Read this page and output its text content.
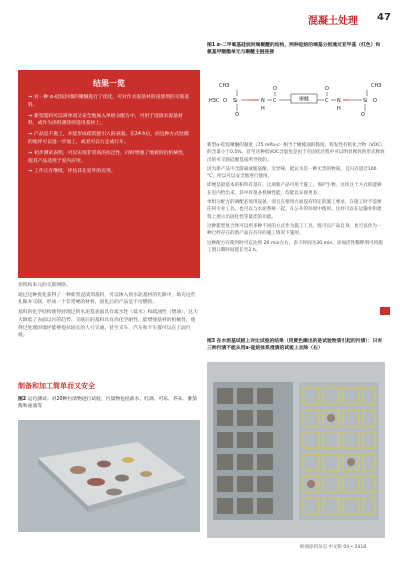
混凝土处理 47
结果一览
→ 对一种 α-硅烷封端的聚醚进行了优化，可对作水泥基材的浸渍剂的交联基料。
→ 新型基料可以简单而又安全地加入单组分配方中，可用于浸渍水泥基材料，或作为涂料薄涂则适用基材上。
→ 产品是不施工，并能形成疏低链引入的表面。在24 h后，而这种方式处理的地坪可以进一步加工，或者可以行走或行车。
→ 初步测试表明，可以实现非常高的抗泛性，同时增强了地板的抗机械性，使其产品适用于室内应用。
→ 工作正在继续，评估其在室外的应用。

状织构来元的交联网络。

通过这种优化获得了一种新型浸渍剂基料，可以掺入到水泥基材的孔隙中，填充这些孔隙并交联，形成一个非常硬的材料，固化后的产品是不可燃的。

基料的化学结构使得处理过的水泥基表面具有疏水性（低水）和疏油性（憎油），这大大降低了表面以污的趋势。交联后的基料具有高化学耐性，能增强基材的机械性，使得过处理的地坪能够提抗较长的人行交通。甚至叉车、汽车和卡车都可以在上面行驶。

制备和加工简单而又安全
图2 运污测试：对20种污渍物进行试验，污渍物包括盐水、红酒、可乐、芥末、番茄酱和座油等
图1 α-二甲氧基硅烷封端聚醚的结构，两种硅烷的端基分别通过亚甲基（红色）和氨基甲酸酯单元与聚醚主链连接
CH3
H3C O Si
O
N
H
C
O
C
O
N
H
Si
CH3
O
O
聚醚

新型α-硅烷聚醚的黏度（75 mPa·s）相当于橄榄油的黏度。挥发性有机化合物（VOC）的含量小于0.5%。首至这种低VOC含量也是由于在固化过程中可以明显释放的形式释放出的可交联硅聚基质所导致的。

因为新产品不含游离或缩氢酚，无异味，能认为是一种无害的物质。且闪点超过100 °C，所以可以安全地进行使用。

即便是最基本的和所有基在，这项新产品可用于施工，保护生物。这样这个方式的能够在室内给出来，其中有很多机械性能，均能以实现更多。

单组分配方的调配必须用设备，而且在使用方面没有特定的施工要求，在施工时不需要任何专业工具。也可以与水泥系统一起，在公开的环境中使用。这样可以在运输业和建筑上展示出固化性等最佳的功能。

这种新型复合体可以用多种不同的方式作为施工工具，既可以产品自身，也可以作为一种已经存在的新产品在有序的施工情况下施用。

这种配方在使用时可以达到 20 min左右，表干时间为30 min。添加活性稀释剂可将施工窗口期时间延长至2 h。

图3 在水泥基试板上对比试验的结果（用黄色圈出的是试验物质引起的污渍）：只有三种污渍不能从用α-硅烷体系浸渍的试板上去除（右）
欧洲涂料杂志 中文版 04 • 2018
